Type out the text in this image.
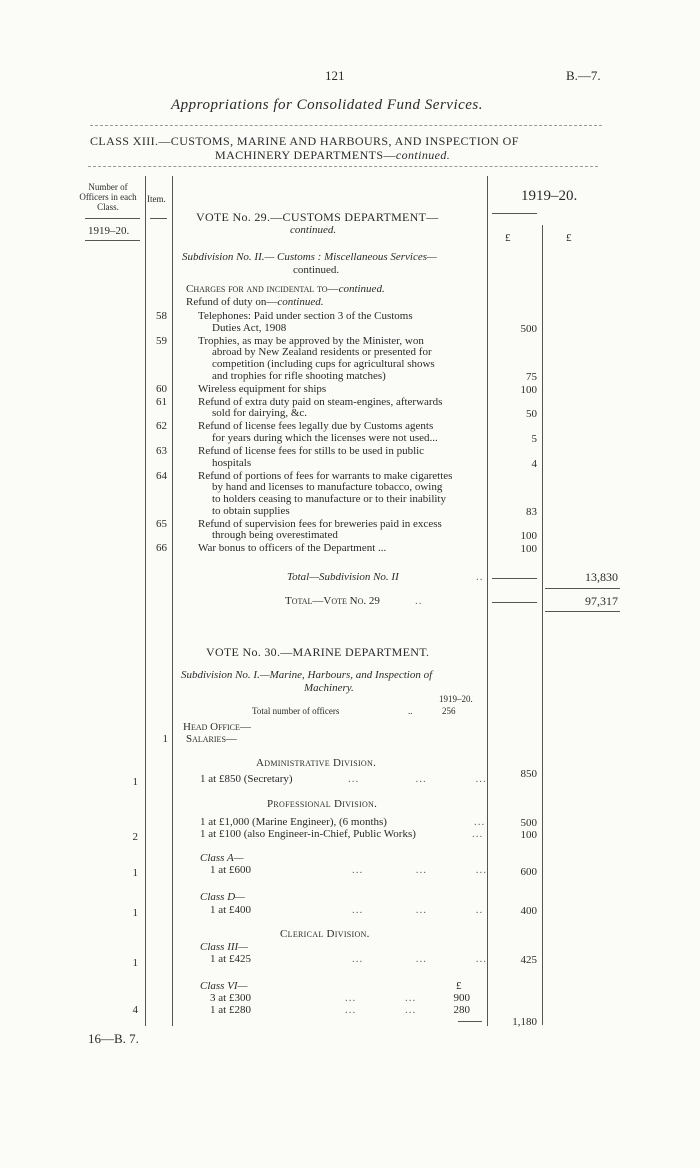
121	B.—7.
Appropriations for Consolidated Fund Services.
CLASS XIII.—CUSTOMS, MARINE AND HARBOURS, AND INSPECTION OF
MACHINERY DEPARTMENTS—continued.
Number of
Officers in each
Class.
Item.
1919–20.
1919–20.
£	£
VOTE No. 29.—CUSTOMS DEPARTMENT—
continued.
Subdivision No. II.— Customs : Miscellaneous Services—
continued.
Charges for and incidental to—continued.
Refund of duty on—continued.
58	Telephones: Paid under section 3 of the Customs
Duties Act, 1908	500
59	Trophies, as may be approved by the Minister, won
abroad by New Zealand residents or presented for
competition (including cups for agricultural shows
and trophies for rifle shooting matches)	75
60	Wireless equipment for ships	100
61	Refund of extra duty paid on steam-engines, afterwards
sold for dairying, &c.	50
62	Refund of license fees legally due by Customs agents
for years during which the licenses were not used...	5
63	Refund of license fees for stills to be used in public
hospitals	4
64	Refund of portions of fees for warrants to make cigarettes
by hand and licenses to manufacture tobacco, owing
to holders ceasing to manufacture or to their inability
to obtain supplies	83
65	Refund of supervision fees for breweries paid in excess
through being overestimated	100
66	War bonus to officers of the Department ...	100
Total—Subdivision No. II	..	13,830
Total—Vote No. 29	..	97,317
VOTE No. 30.—MARINE DEPARTMENT.
Subdivision No. I.—Marine, Harbours, and Inspection of
Machinery.
1919–20.
Total number of officers	..	256
Head Office—
1 Salaries—
Administrative Division.
1	1 at £850 (Secretary)	...               ...             ...	850
Professional Division.
1 at £1,000 (Marine Engineer), (6 months)	...	500
2	1 at £100 (also Engineer-in-Chief, Public Works)	...	100
Class A—
1	1 at £600	...              ...             ...	600
Class D—
1	1 at £400	...              ...             ..	400
Clerical Division.
Class III—
1	1 at £425	...              ...             ...	425
Class VI—	£
3 at £300	...             ...	900
4	1 at £280	...             ...	280
1,180
16—B. 7.
